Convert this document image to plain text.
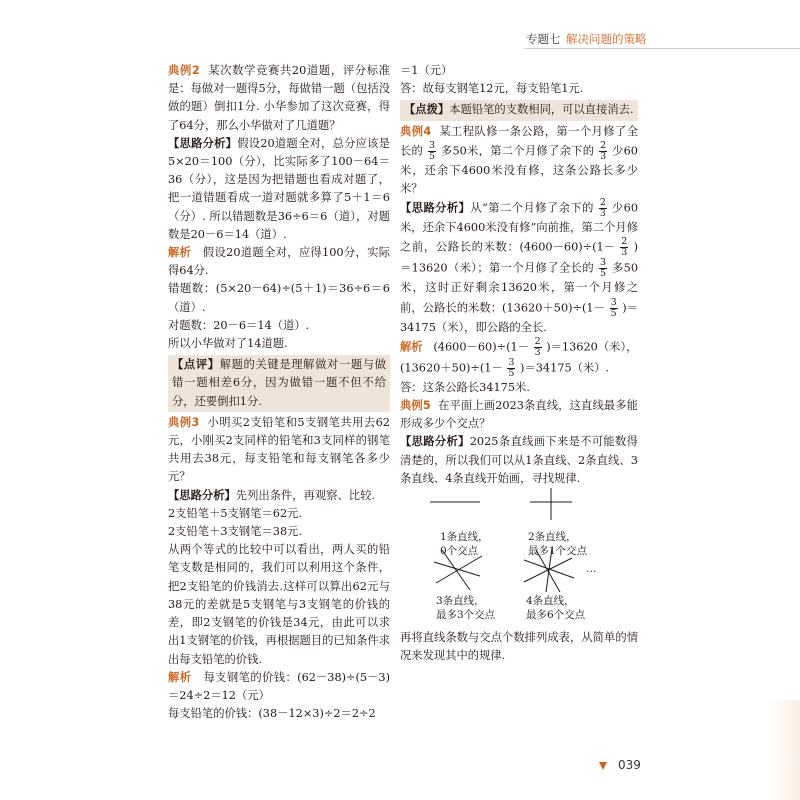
专题七 解决问题的策略

典例2 某次数学竞赛共20道题，评分标准是：每做对一题得5分，每做错一题（包括没做的题）倒扣1分. 小华参加了这次竞赛，得了64分，那么小华做对了几道题？

【思路分析】假设20道题全对，总分应该是5×20＝100（分），比实际多了100－64＝36（分），这是因为把错题也看成对题了，把一道错题看成一道对题就多算了5＋1＝6（分）. 所以错题数是36÷6＝6（道），对题数是20－6＝14（道）.

解析 假设20道题全对，应得100分，实际得64分.

错题数：(5×20－64)÷(5＋1)＝36÷6＝6（道）.

对题数：20－6＝14（道）.

所以小华做对了14道题.

【点评】解题的关键是理解做对一题与做错一题相差6分，因为做错一题不但不给分，还要倒扣1分.

典例3 小明买2支铅笔和5支钢笔共用去62元，小刚买2支同样的铅笔和3支同样的钢笔共用去38元，每支铅笔和每支钢笔各多少元？

【思路分析】先列出条件，再观察、比较.

2支铅笔＋5支钢笔＝62元.

2支铅笔＋3支钢笔＝38元.

从两个等式的比较中可以看出，两人买的铅笔支数是相同的，我们可以利用这个条件，把2支铅笔的价钱消去.这样可以算出62元与38元的差就是5支钢笔与3支钢笔的价钱的差，即2支钢笔的价钱是34元，由此可以求出1支钢笔的价钱，再根据题目的已知条件求出每支铅笔的价钱.

解析 每支钢笔的价钱：(62－38)÷(5－3)＝24÷2＝12（元）

每支铅笔的价钱：(38－12×3)÷2＝2÷2

＝1（元）

答：故每支钢笔12元，每支铅笔1元.

【点拨】本题铅笔的支数相同，可以直接消去.

典例4 某工程队修一条公路，第一个月修了全长的 $\frac{3}{5}$ 多50米，第二个月修了余下的 $\frac{2}{3}$ 少60米，还余下4600米没有修，这条公路长多少米？

【思路分析】从“第二个月修了余下的 $\frac{2}{3}$ 少60米，还余下4600米没有修”向前推，第二个月修之前，公路长的米数：$(4600-60)\div(1- \frac{2}{3} )=13620$（米）；第一个月修了全长的 $\frac{3}{5}$ 多50米，这时正好剩余13620米，第一个月修之前，公路长的米数：$(13620+50)\div(1- \frac{3}{5} )=34175$（米），即公路的全长.

解析 $(4600-60)\div(1- \frac{2}{3} )=13620$（米），

$(13620+50)\div(1- \frac{3}{5} )=34175$（米）.

答：这条公路长34175米.

典例5 在平面上画2023条直线，这直线最多能形成多少个交点？

【思路分析】2025条直线画下来是不可能数得清楚的，所以我们可以从1条直线、2条直线、3条直线、4条直线开始画，寻找规律.

1条直线，
0个交点
2条直线，
最多1个交点
…
3条直线，
最多3个交点
4条直线，
最多6个交点

再将直线条数与交点个数排列成表，从简单的情况来发现其中的规律.

039
